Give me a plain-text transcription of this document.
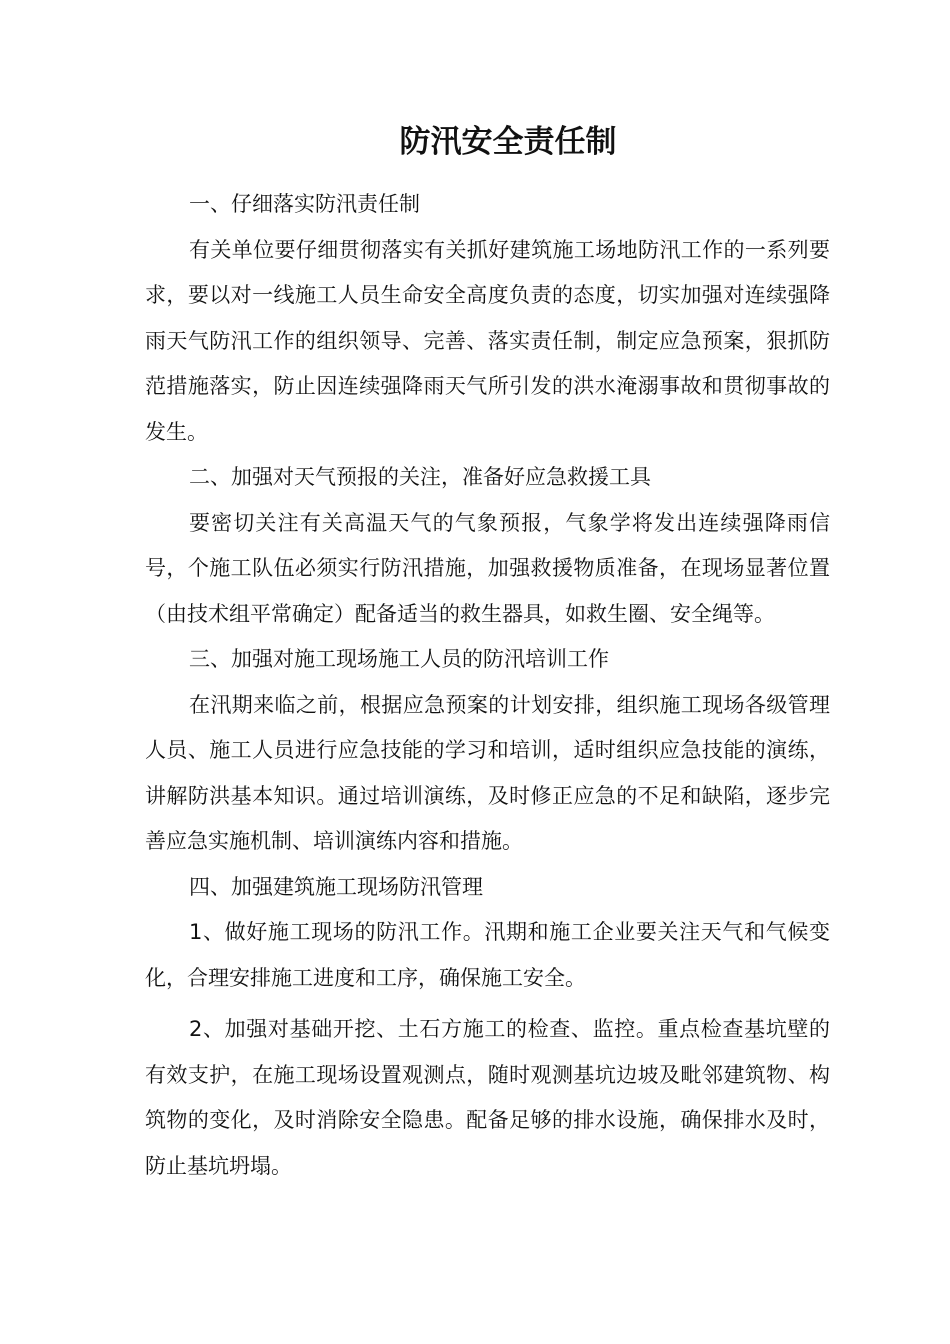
防汛安全责任制

一、仔细落实防汛责任制

有关单位要仔细贯彻落实有关抓好建筑施工场地防汛工作的一系列要求，要以对一线施工人员生命安全高度负责的态度，切实加强对连续强降雨天气防汛工作的组织领导、完善、落实责任制，制定应急预案，狠抓防范措施落实，防止因连续强降雨天气所引发的洪水淹溺事故和贯彻事故的发生。

二、加强对天气预报的关注，准备好应急救援工具

要密切关注有关高温天气的气象预报，气象学将发出连续强降雨信号，个施工队伍必须实行防汛措施，加强救援物质准备，在现场显著位置（由技术组平常确定）配备适当的救生器具，如救生圈、安全绳等。

三、加强对施工现场施工人员的防汛培训工作

在汛期来临之前，根据应急预案的计划安排，组织施工现场各级管理人员、施工人员进行应急技能的学习和培训，适时组织应急技能的演练，讲解防洪基本知识。通过培训演练，及时修正应急的不足和缺陷，逐步完善应急实施机制、培训演练内容和措施。

四、加强建筑施工现场防汛管理

1、做好施工现场的防汛工作。汛期和施工企业要关注天气和气候变化，合理安排施工进度和工序，确保施工安全。

2、加强对基础开挖、土石方施工的检查、监控。重点检查基坑壁的有效支护，在施工现场设置观测点，随时观测基坑边坡及毗邻建筑物、构筑物的变化，及时消除安全隐患。配备足够的排水设施，确保排水及时，防止基坑坍塌。
